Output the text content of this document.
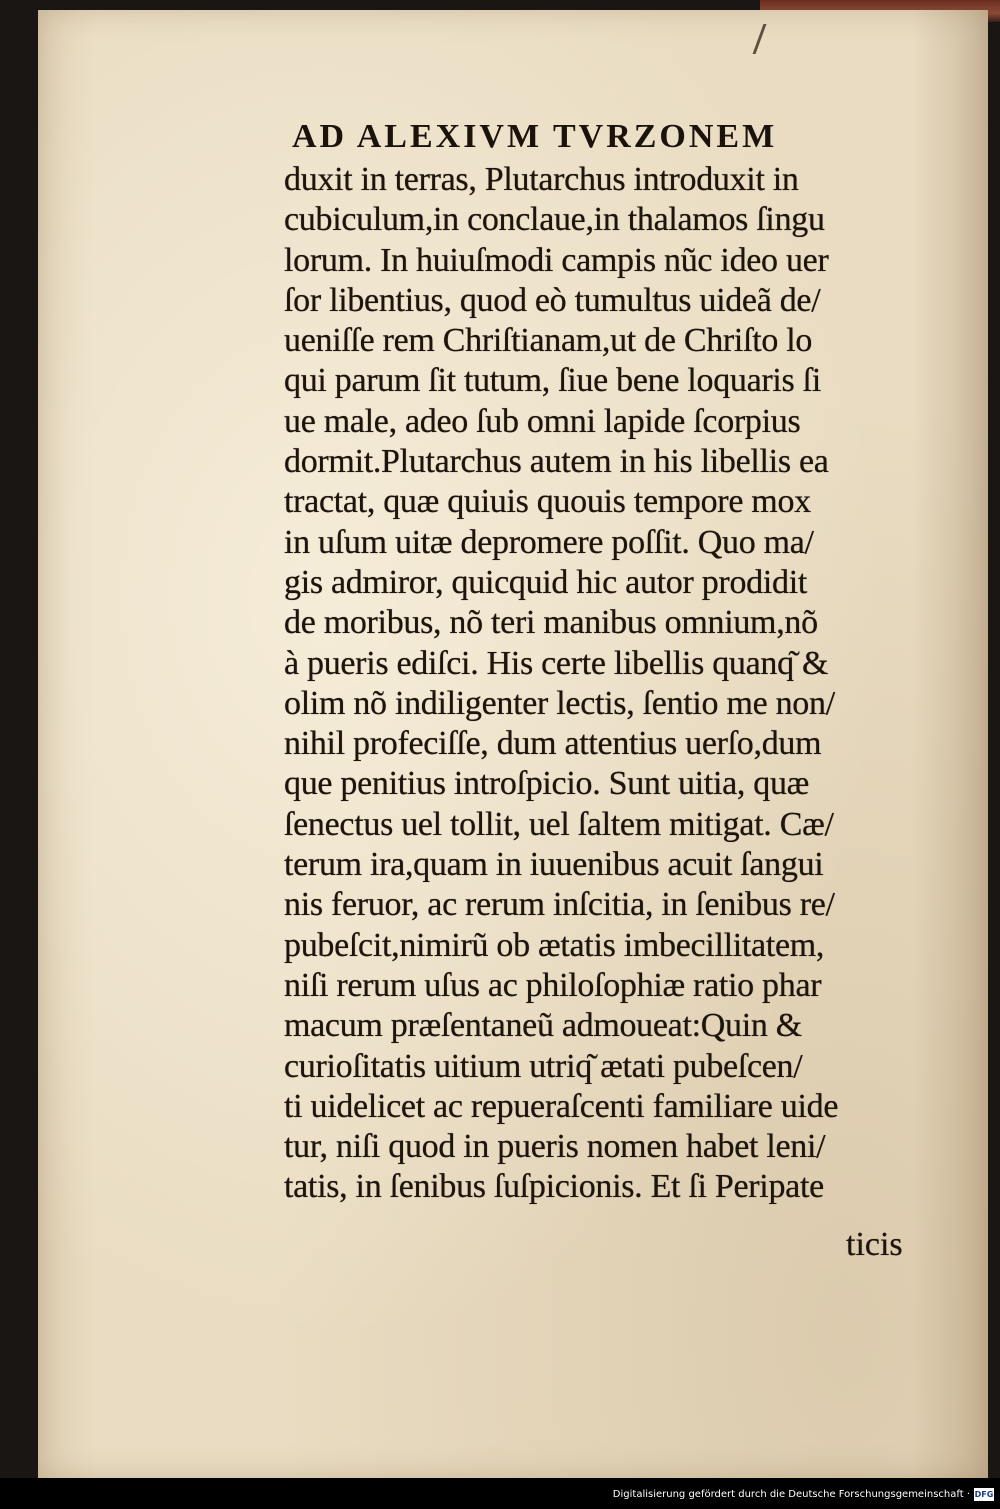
AD ALEXIVM TVRZONEM
duxit in terras, Plutarchus introduxit in
cubiculum,in conclaue,in thalamos ſingu
lorum. In huiuſmodi campis nũc ideo uer
ſor libentius, quod eò tumultus uideã de/
ueniſſe rem Chriſtianam,ut de Chriſto lo
qui parum ſit tutum, ſiue bene loquaris ſi
ue male, adeo ſub omni lapide ſcorpius
dormit.Plutarchus autem in his libellis ea
tractat, quæ quiuis quouis tempore mox
in uſum uitæ depromere poſſit. Quo ma/
gis admiror, quicquid hic autor prodidit
de moribus, nõ teri manibus omnium,nõ
à pueris ediſci. His certe libellis quanq͂ &
olim nõ indiligenter lectis, ſentio me non/
nihil profeciſſe, dum attentius uerſo,dum
que penitius introſpicio. Sunt uitia, quæ
ſenectus uel tollit, uel ſaltem mitigat. Cæ/
terum ira,quam in iuuenibus acuit ſangui
nis feruor, ac rerum inſcitia, in ſenibus re/
pubeſcit,nimirũ ob ætatis imbecillitatem,
niſi rerum uſus ac philoſophiæ ratio phar
macum præſentaneũ admoueat:Quin &
curioſitatis uitium utriq͂ ætati pubeſcen/
ti uidelicet ac repueraſcenti familiare uide
tur, niſi quod in pueris nomen habet leni/
tatis, in ſenibus ſuſpicionis. Et ſi Peripate
ticis
Digitalisierung gefördert durch die Deutsche Forschungsgemeinschaft · DFG
